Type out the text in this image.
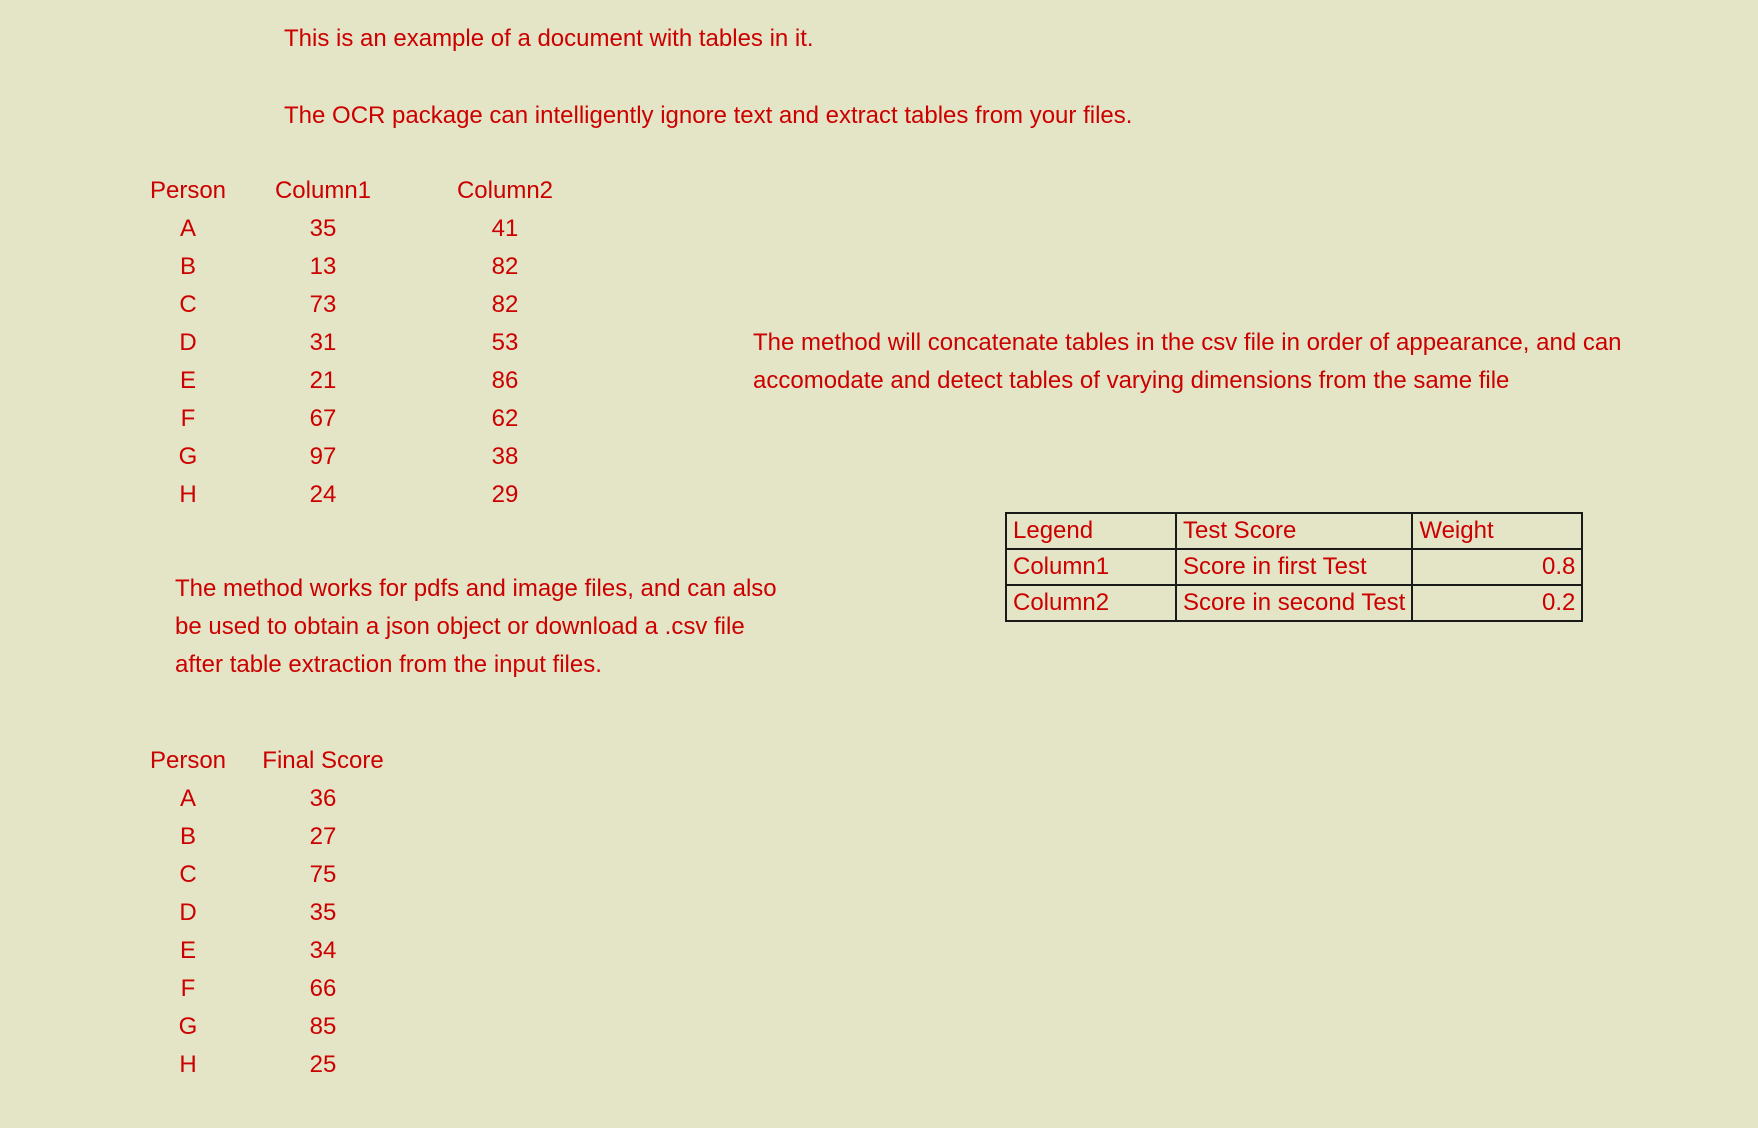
This is an example of a document with tables in it.
The OCR package can intelligently ignore text and extract tables from your files.
Person	Column1	Column2
A	35	41
B	13	82
C	73	82
D	31	53
E	21	86
F	67	62
G	97	38
H	24	29
The method will concatenate tables in the csv file in order of appearance, and can
accomodate and detect tables of varying dimensions from the same file
Legend	Test Score	Weight
Column1	Score in first Test	0.8
Column2	Score in second Test	0.2
The method works for pdfs and image files, and can also
be used to obtain a json object or download a .csv file
after table extraction from the input files.
Person	Final Score
A	36
B	27
C	75
D	35
E	34
F	66
G	85
H	25
